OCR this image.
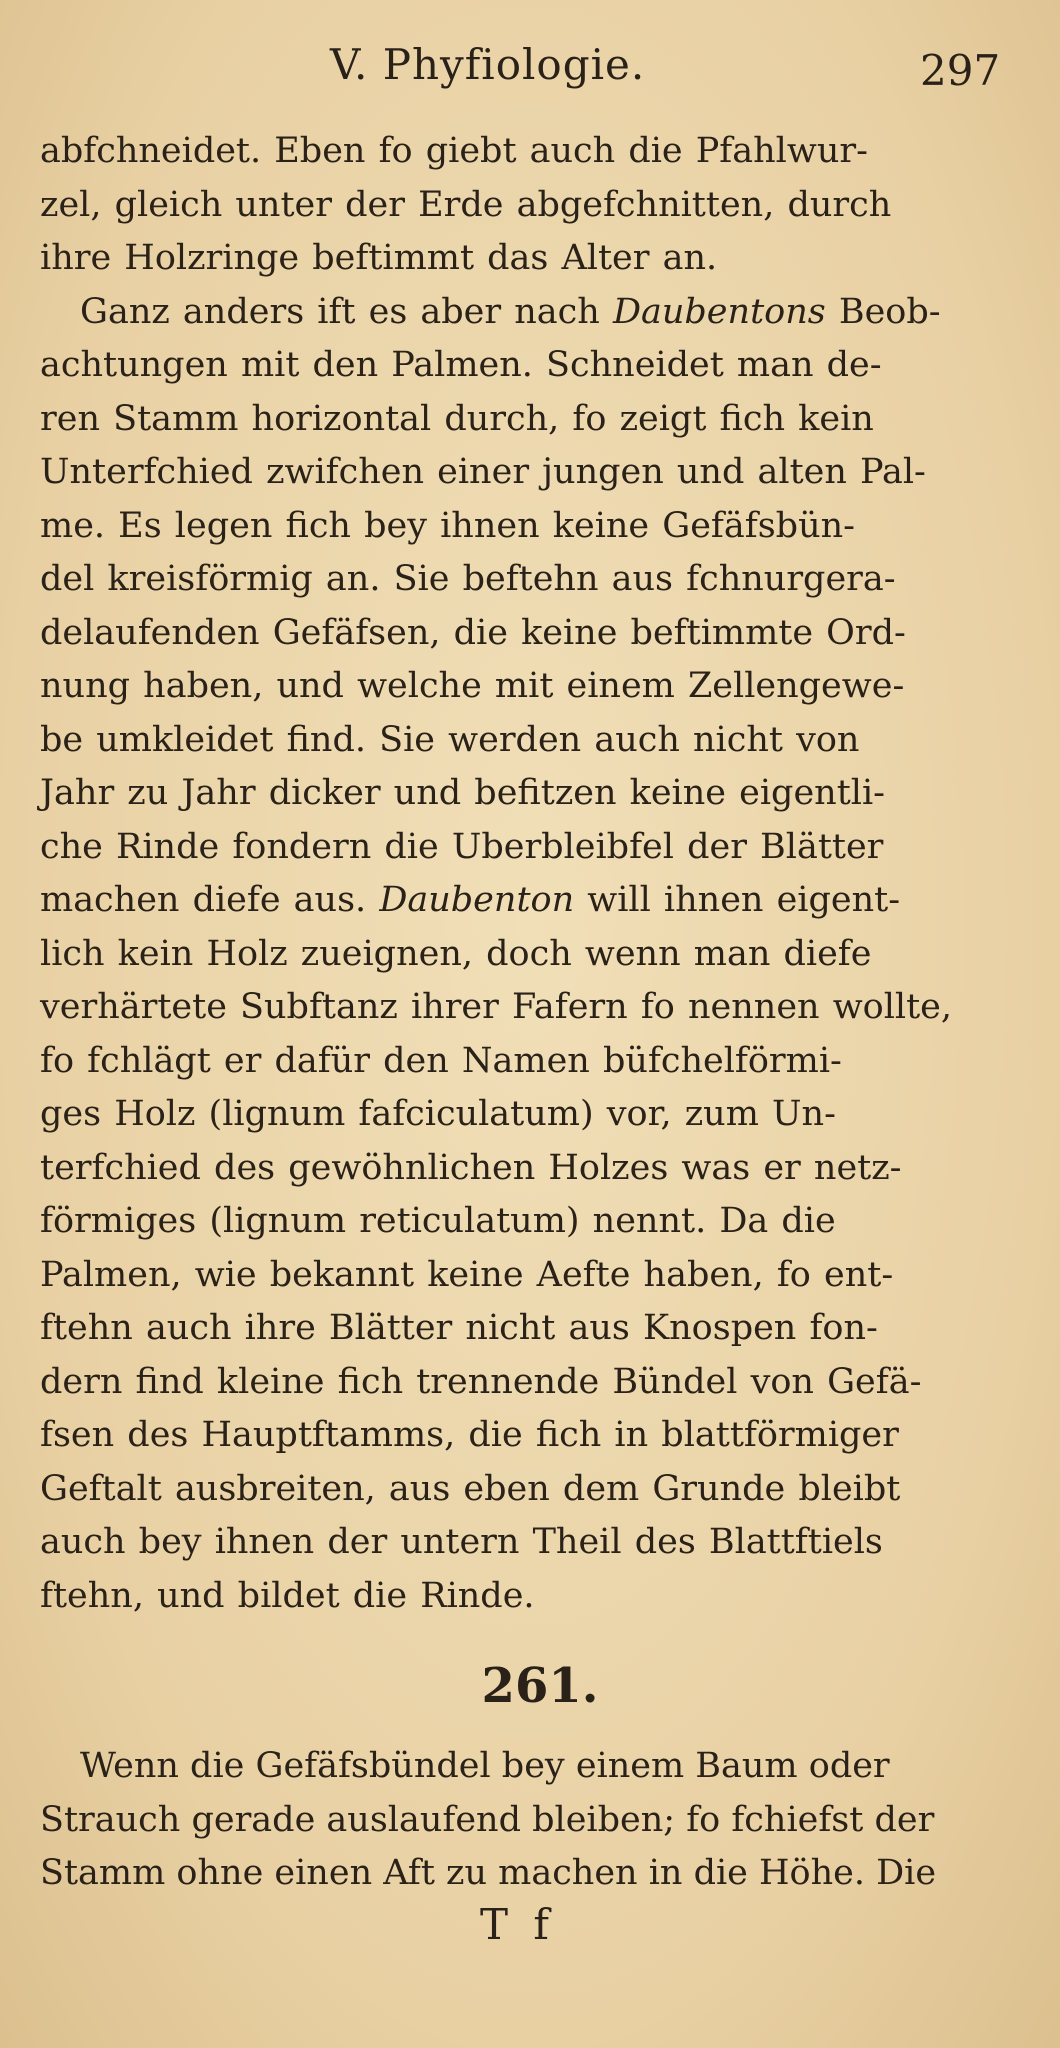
V. Phyfiologie.	297
abfchneidet. Eben fo giebt auch die Pfahlwur-
zel, gleich unter der Erde abgefchnitten, durch
ihre Holzringe beftimmt das Alter an.
Ganz anders ift es aber nach Daubentons Beob-
achtungen mit den Palmen. Schneidet man de-
ren Stamm horizontal durch, fo zeigt fich kein
Unterfchied zwifchen einer jungen und alten Pal-
me. Es legen fich bey ihnen keine Gefäfsbün-
del kreisförmig an. Sie beftehn aus fchnurgera-
delaufenden Gefäfsen, die keine beftimmte Ord-
nung haben, und welche mit einem Zellengewe-
be umkleidet find. Sie werden auch nicht von
Jahr zu Jahr dicker und befitzen keine eigentli-
che Rinde fondern die Uberbleibfel der Blätter
machen diefe aus. Daubenton will ihnen eigent-
lich kein Holz zueignen, doch wenn man diefe
verhärtete Subftanz ihrer Fafern fo nennen wollte,
fo fchlägt er dafür den Namen büfchelförmi-
ges Holz (lignum fafciculatum) vor, zum Un-
terfchied des gewöhnlichen Holzes was er netz-
förmiges (lignum reticulatum) nennt. Da die
Palmen, wie bekannt keine Aefte haben, fo ent-
ftehn auch ihre Blätter nicht aus Knospen fon-
dern find kleine fich trennende Bündel von Gefä-
fsen des Hauptftamms, die fich in blattförmiger
Geftalt ausbreiten, aus eben dem Grunde bleibt
auch bey ihnen der untern Theil des Blattftiels
ftehn, und bildet die Rinde.
261.
Wenn die Gefäfsbündel bey einem Baum oder
Strauch gerade auslaufend bleiben; fo fchiefst der
Stamm ohne einen Aft zu machen in die Höhe. Die
T f
